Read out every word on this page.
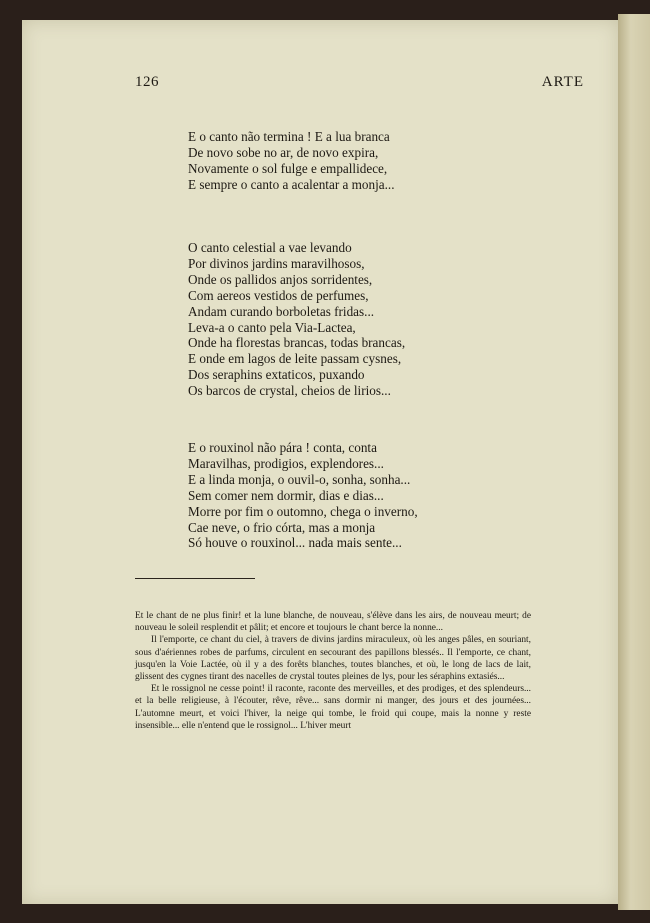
126	ARTE
E o canto não termina ! E a lua branca
De novo sobe no ar, de novo expira,
Novamente o sol fulge e empallidece,
E sempre o canto a acalentar a monja...
O canto celestial a vae levando
Por divinos jardins maravilhosos,
Onde os pallidos anjos sorridentes,
Com aereos vestidos de perfumes,
Andam curando borboletas fridas...
Leva-a o canto pela Via-Lactea,
Onde ha florestas brancas, todas brancas,
E onde em lagos de leite passam cysnes,
Dos seraphins extaticos, puxando
Os barcos de crystal, cheios de lirios...
E o rouxinol não pára ! conta, conta
Maravilhas, prodigios, explendores...
E a linda monja, o ouvil-o, sonha, sonha...
Sem comer nem dormir, dias e dias...
Morre por fim o outomno, chega o inverno,
Cae neve, o frio córta, mas a monja
Só houve o rouxinol... nada mais sente...

Et le chant de ne plus finir! et la lune blanche, de nouveau, s'élève dans les airs, de nouveau meurt; de nouveau le soleil resplendit et pâlit; et encore et toujours le chant berce la nonne...

Il l'emporte, ce chant du ciel, à travers de divins jardins miraculeux, où les anges pâles, en souriant, sous d'aériennes robes de parfums, circulent en secourant des papillons blessés.. Il l'emporte, ce chant, jusqu'en la Voie Lactée, où il y a des forêts blanches, toutes blanches, et où, le long de lacs de lait, glissent des cygnes tirant des nacelles de crystal toutes pleines de lys, pour les séraphins extasiés...

Et le rossignol ne cesse point! il raconte, raconte des merveilles, et des prodiges, et des splendeurs... et la belle religieuse, à l'écouter, rêve, rêve... sans dormir ni manger, des jours et des journées... L'automne meurt, et voici l'hiver, la neige qui tombe, le froid qui coupe, mais la nonne y reste insensible... elle n'entend que le rossignol... L'hiver meurt
